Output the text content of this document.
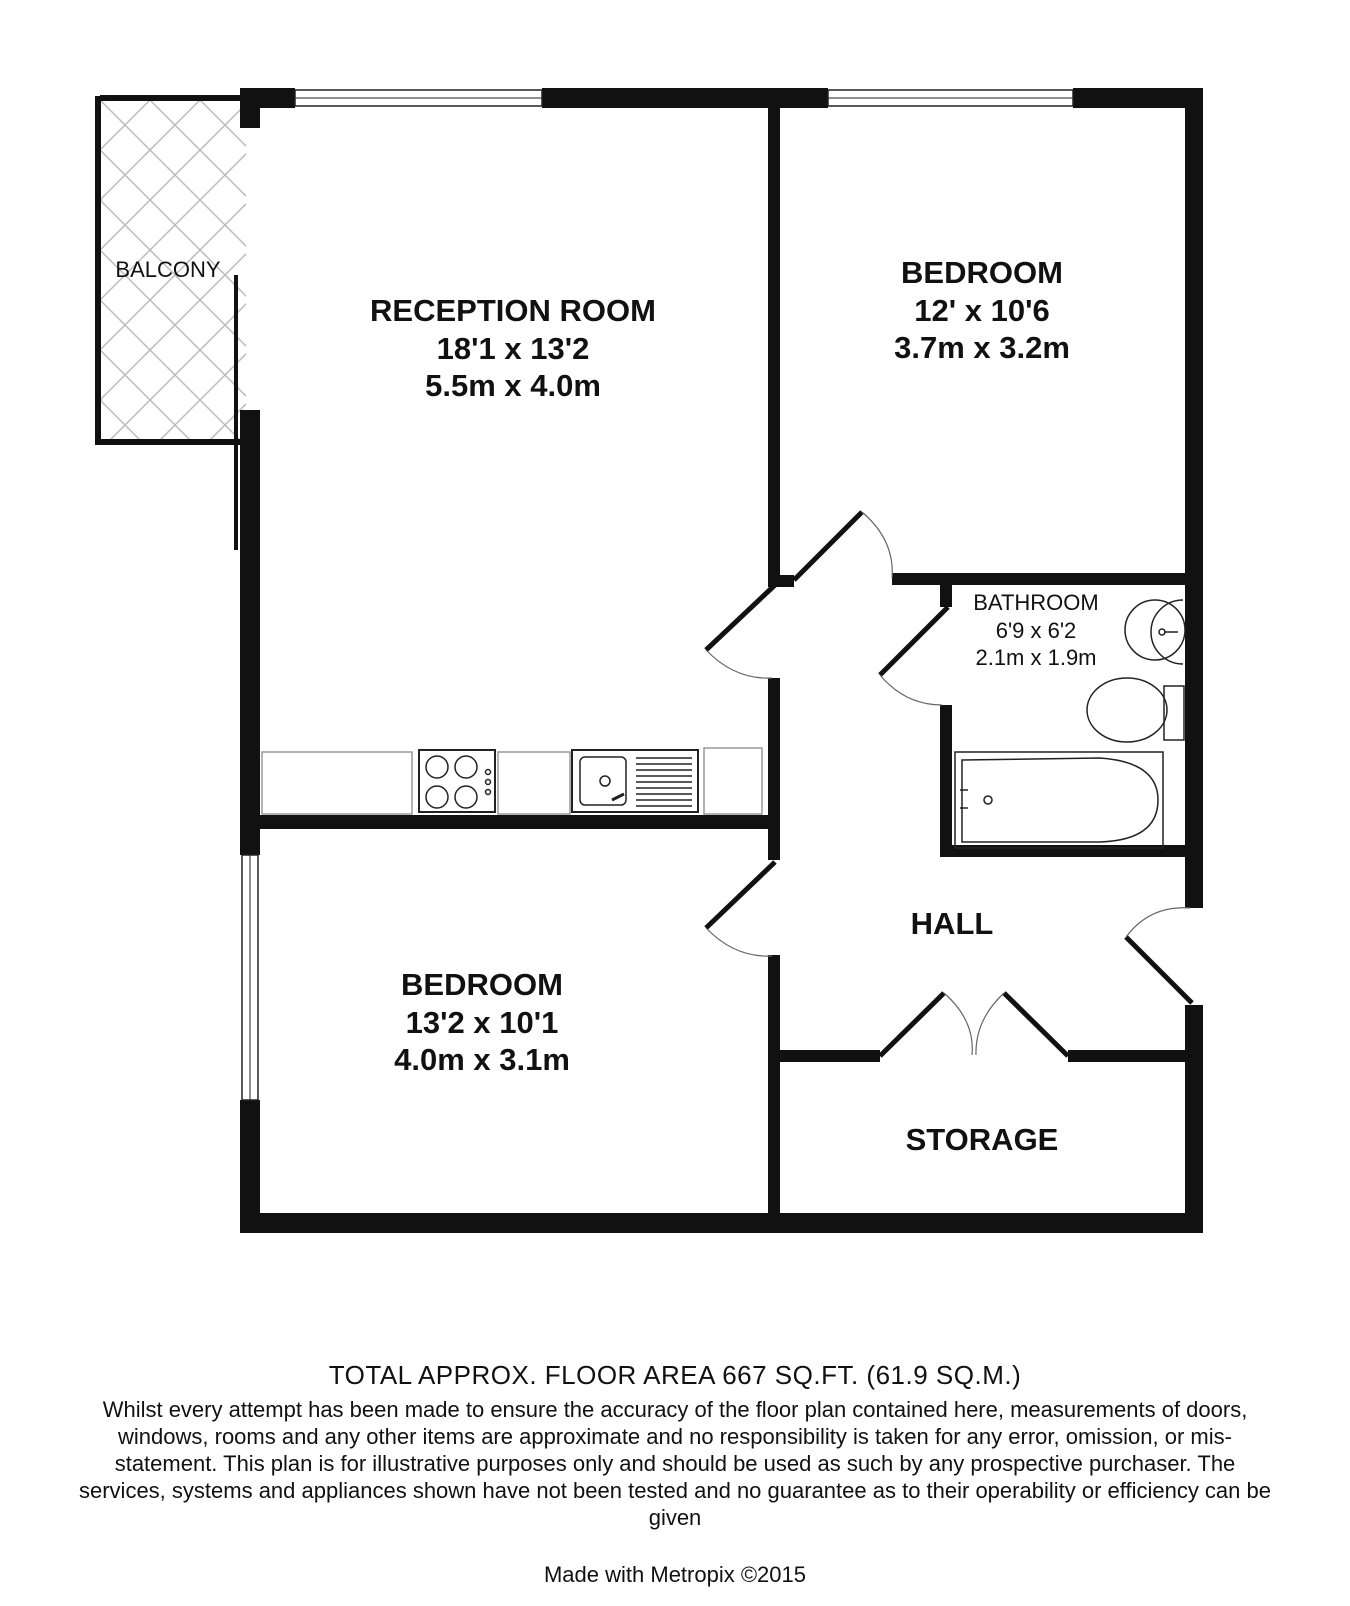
BALCONY
RECEPTION ROOM
18'1 x 13'2
5.5m x 4.0m
BEDROOM
12' x 10'6
3.7m x 3.2m
BATHROOM
6'9 x 6'2
2.1m x 1.9m
BEDROOM
13'2 x 10'1
4.0m x 3.1m
HALL
STORAGE
TOTAL APPROX. FLOOR AREA 667 SQ.FT. (61.9 SQ.M.)
Whilst every attempt has been made to ensure the accuracy of the floor plan contained here, measurements of doors, windows, rooms and any other items are approximate and no responsibility is taken for any error, omission, or mis-statement. This plan is for illustrative purposes only and should be used as such by any prospective purchaser. The services, systems and appliances shown have not been tested and no guarantee as to their operability or efficiency can be given
Made with Metropix ©2015
